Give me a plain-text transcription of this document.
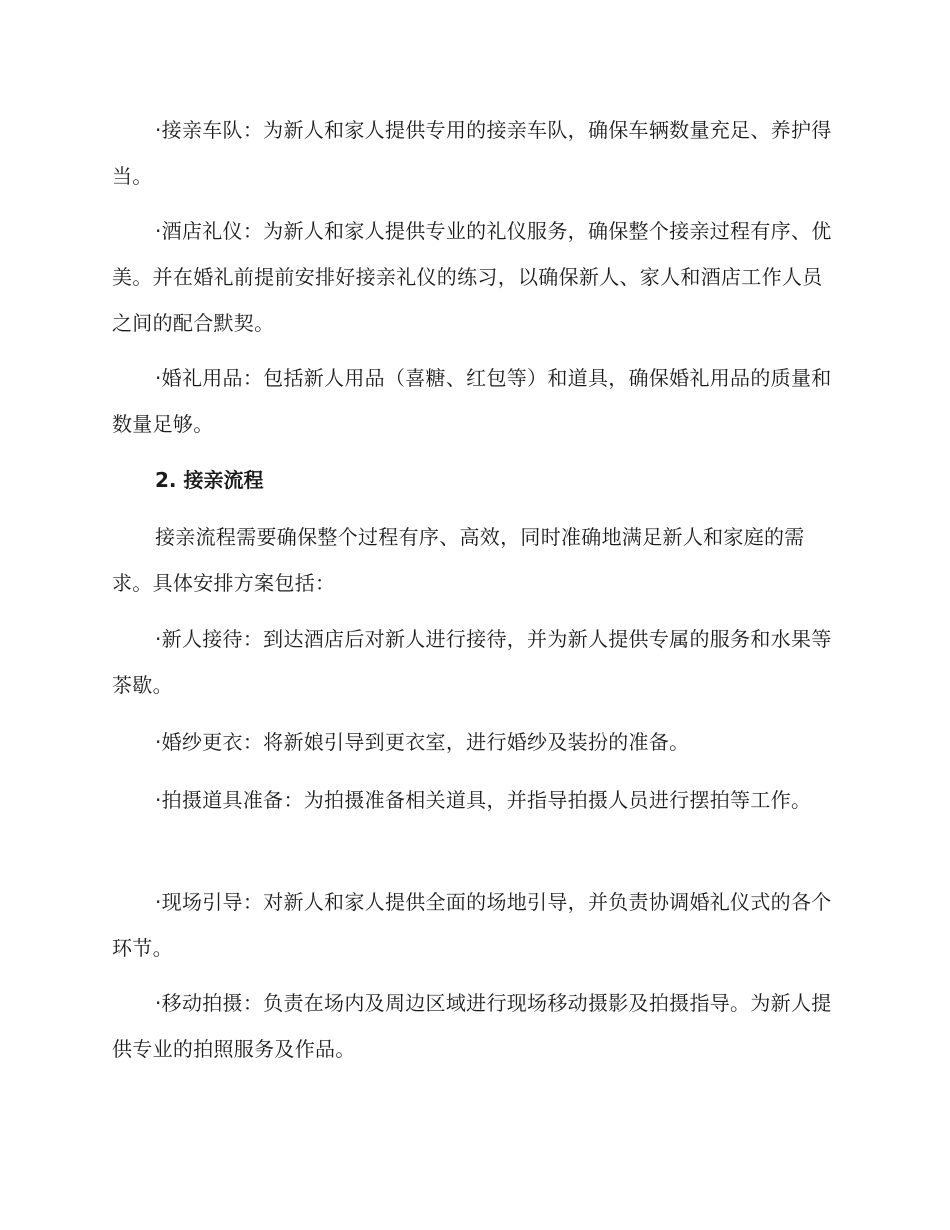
·接亲车队：为新人和家人提供专用的接亲车队，确保车辆数量充足、养护得当。

·酒店礼仪：为新人和家人提供专业的礼仪服务，确保整个接亲过程有序、优美。并在婚礼前提前安排好接亲礼仪的练习，以确保新人、家人和酒店工作人员之间的配合默契。

·婚礼用品：包括新人用品（喜糖、红包等）和道具，确保婚礼用品的质量和数量足够。

2. 接亲流程

接亲流程需要确保整个过程有序、高效，同时准确地满足新人和家庭的需求。具体安排方案包括：

·新人接待：到达酒店后对新人进行接待，并为新人提供专属的服务和水果等茶歇。

·婚纱更衣：将新娘引导到更衣室，进行婚纱及装扮的准备。

·拍摄道具准备：为拍摄准备相关道具，并指导拍摄人员进行摆拍等工作。

·现场引导：对新人和家人提供全面的场地引导，并负责协调婚礼仪式的各个环节。

·移动拍摄：负责在场内及周边区域进行现场移动摄影及拍摄指导。为新人提供专业的拍照服务及作品。
